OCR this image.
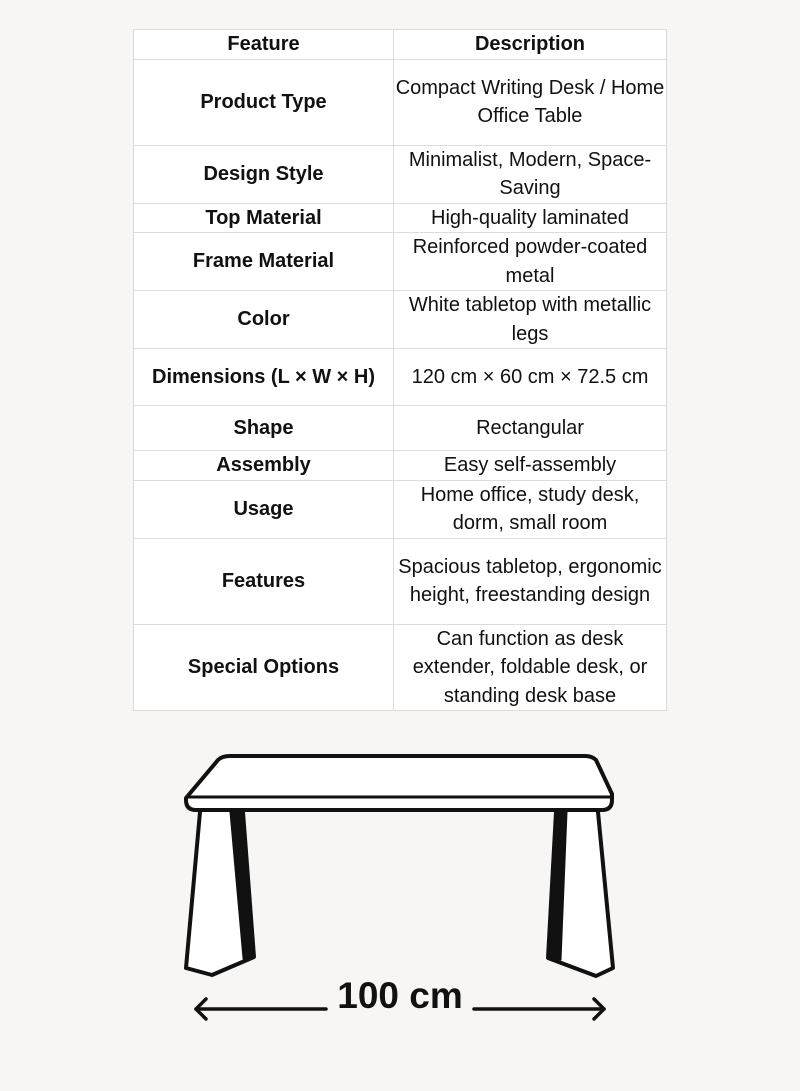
Feature	Description
Product Type	Compact Writing Desk / Home Office Table
Design Style	Minimalist, Modern, Space-Saving
Top Material	High-quality laminated
Frame Material	Reinforced powder-coated metal
Color	White tabletop with metallic legs
Dimensions (L × W × H)	120 cm × 60 cm × 72.5 cm
Shape	Rectangular
Assembly	Easy self-assembly
Usage	Home office, study desk, dorm, small room
Features	Spacious tabletop, ergonomic height, freestanding design
Special Options	Can function as desk extender, foldable desk, or standing desk base
100 cm
